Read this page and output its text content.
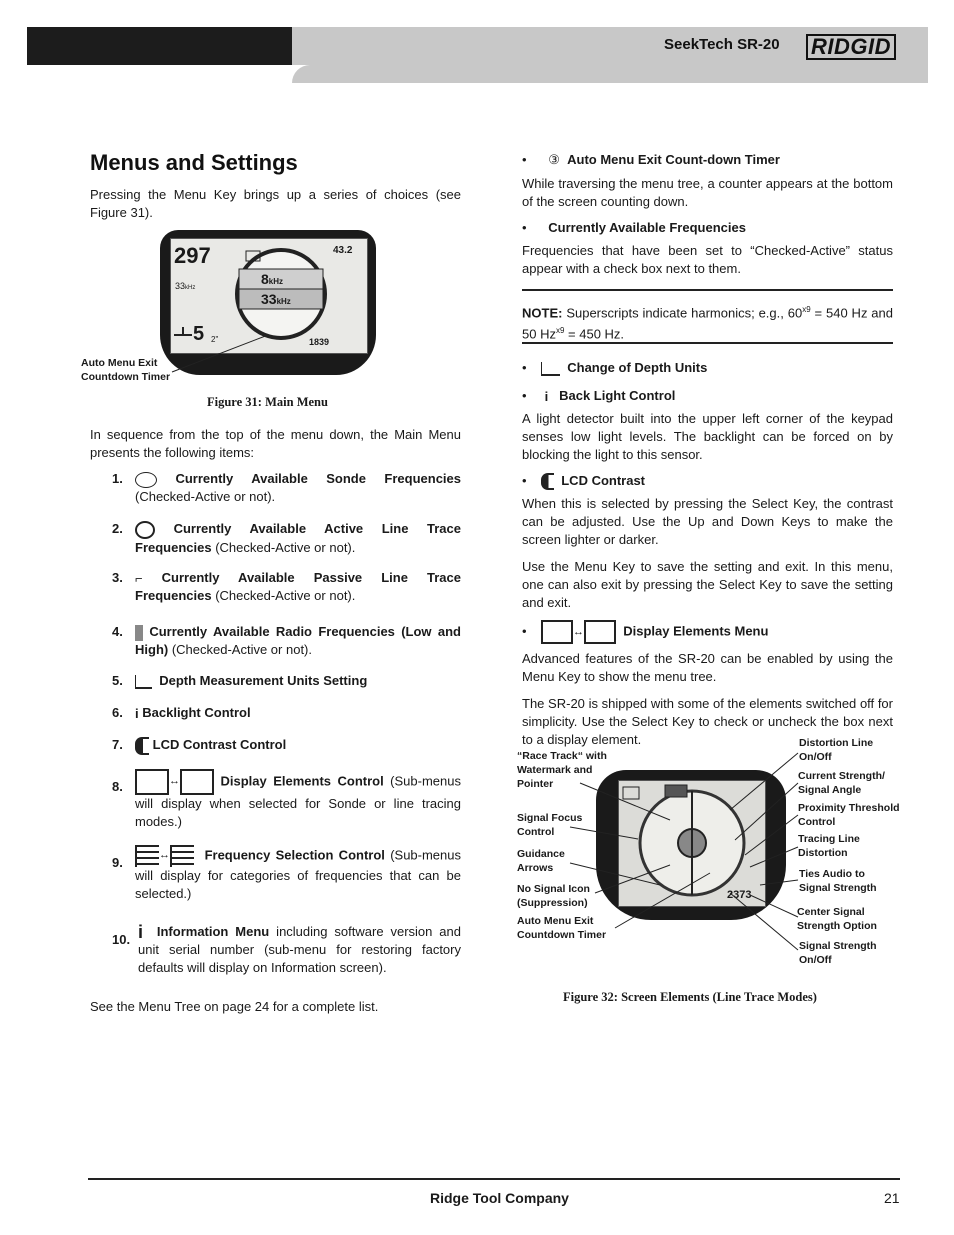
SeekTech SR-20 RIDGID
Menus and Settings
Pressing the Menu Key brings up a series of choices (see Figure 31).
297
8kHz
33kHz
33kHz
43.2
5 2"	1839
Auto Menu Exit Countdown Timer
Figure 31: Main Menu
In sequence from the top of the menu down, the Main Menu presents the following items:
1.	Currently Available Sonde Frequencies (Checked-Active or not).
2.	Currently Available Active Line Trace Frequencies (Checked-Active or not).
3. ⌐ Currently Available Passive Line Trace Frequencies (Checked-Active or not).
4.	Currently Available Radio Frequencies (Low and High) (Checked-Active or not).
5.	Depth Measurement Units Setting
6. i Backlight Control
7.	LCD Contrast Control
8.	↔	Display Elements Control (Sub-menus will display when selected for Sonde or line tracing modes.)
9.	↔	Frequency Selection Control (Sub-menus will display for categories of frequencies that can be selected.)
10. i Information Menu including software version and unit serial number (sub-menu for restoring factory defaults will display on Information screen).
See the Menu Tree on page 24 for a complete list.
•      ③ Auto Menu Exit Count-down Timer
While traversing the menu tree, a counter appears at the bottom of the screen counting down.
•      Currently Available Frequencies
Frequencies that have been set to “Checked-Active” status appear with a check box next to them.
NOTE: Superscripts indicate harmonics; e.g., $60^{x9} = 540$ Hz and 50 $Hz^{x9} = 450$ Hz.
•      Change of Depth Units
•     i Back Light Control
A light detector built into the upper left corner of the keypad senses low light levels. The backlight can be forced on by blocking the light to this sensor.
•      LCD Contrast
When this is selected by pressing the Select Key, the contrast can be adjusted. Use the Up and Down Keys to make the screen lighter or darker.
Use the Menu Key to save the setting and exit. In this menu, one can also exit by pressing the Select Key to save the setting and exit.
•	↔	Display Elements Menu
Advanced features of the SR-20 can be enabled by using the Menu Key to show the menu tree.
The SR-20 is shipped with some of the elements switched off for simplicity. Use the Select Key to check or uncheck the box next to a display element.
2373
“Race Track“ with Watermark and Pointer
Signal Focus Control
Guidance Arrows
No Signal Icon (Suppression)
Auto Menu Exit Countdown Timer
Distortion Line On/Off
Current Strength/ Signal Angle
Proximity Threshold Control
Tracing Line Distortion
Ties Audio to Signal Strength
Center Signal Strength Option
Signal Strength On/Off
Figure 32: Screen Elements (Line Trace Modes)
Ridge Tool Company	21
